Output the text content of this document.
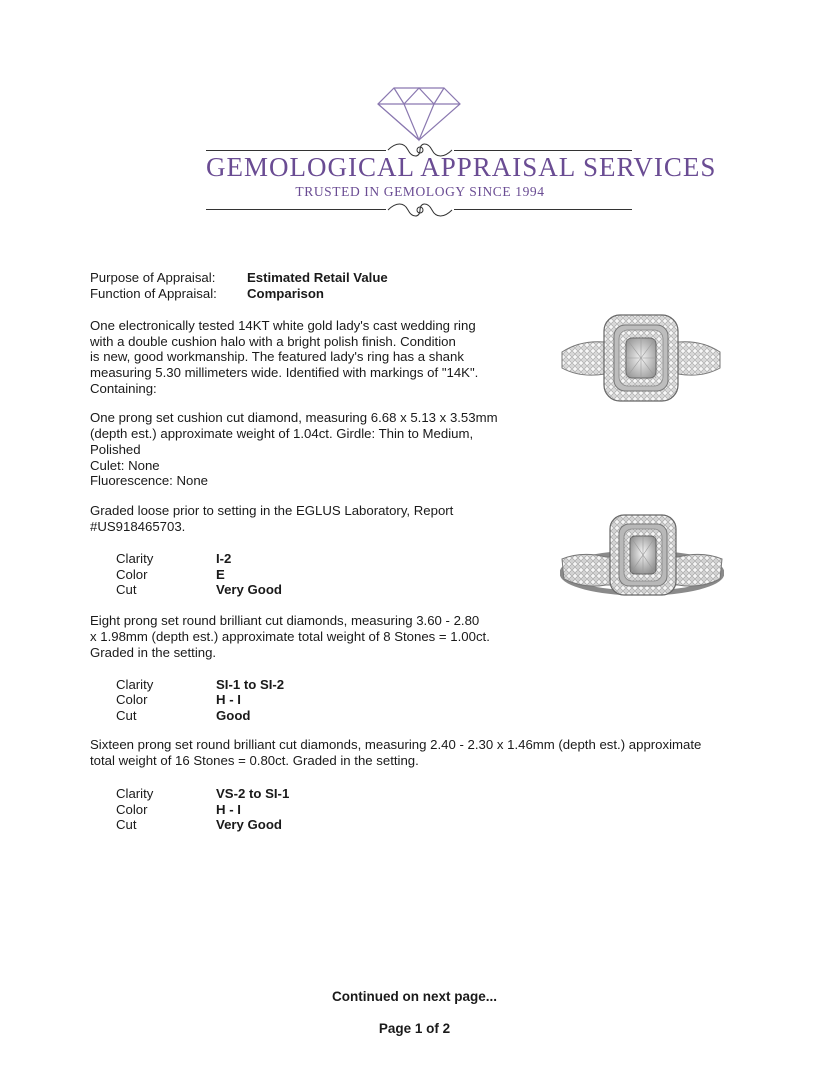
GEMOLOGICAL APPRAISAL SERVICES
TRUSTED IN GEMOLOGY SINCE 1994
Purpose of Appraisal: Estimated Retail Value
Function of Appraisal: Comparison
One electronically tested 14KT white gold lady's cast wedding ring
with a double cushion halo with a bright polish finish. Condition
is new, good workmanship. The featured lady's ring has a shank
measuring 5.30 millimeters wide. Identified with markings of "14K".
Containing:
One prong set cushion cut diamond, measuring 6.68 x 5.13 x 3.53mm
(depth est.) approximate weight of 1.04ct. Girdle: Thin to Medium,
Polished
Culet: None
Fluorescence: None
Graded loose prior to setting in the EGLUS Laboratory, Report
#US918465703.
Clarity	I-2
Color	E
Cut	Very Good
Eight prong set round brilliant cut diamonds, measuring 3.60 - 2.80
x 1.98mm (depth est.) approximate total weight of 8 Stones = 1.00ct.
Graded in the setting.
Clarity	SI-1 to SI-2
Color	H - I
Cut	Good
Sixteen prong set round brilliant cut diamonds, measuring 2.40 - 2.30 x 1.46mm (depth est.) approximate
total weight of 16 Stones = 0.80ct. Graded in the setting.
Clarity	VS-2 to SI-1
Color	H - I
Cut	Very Good
Continued on next page...
Page 1 of 2
